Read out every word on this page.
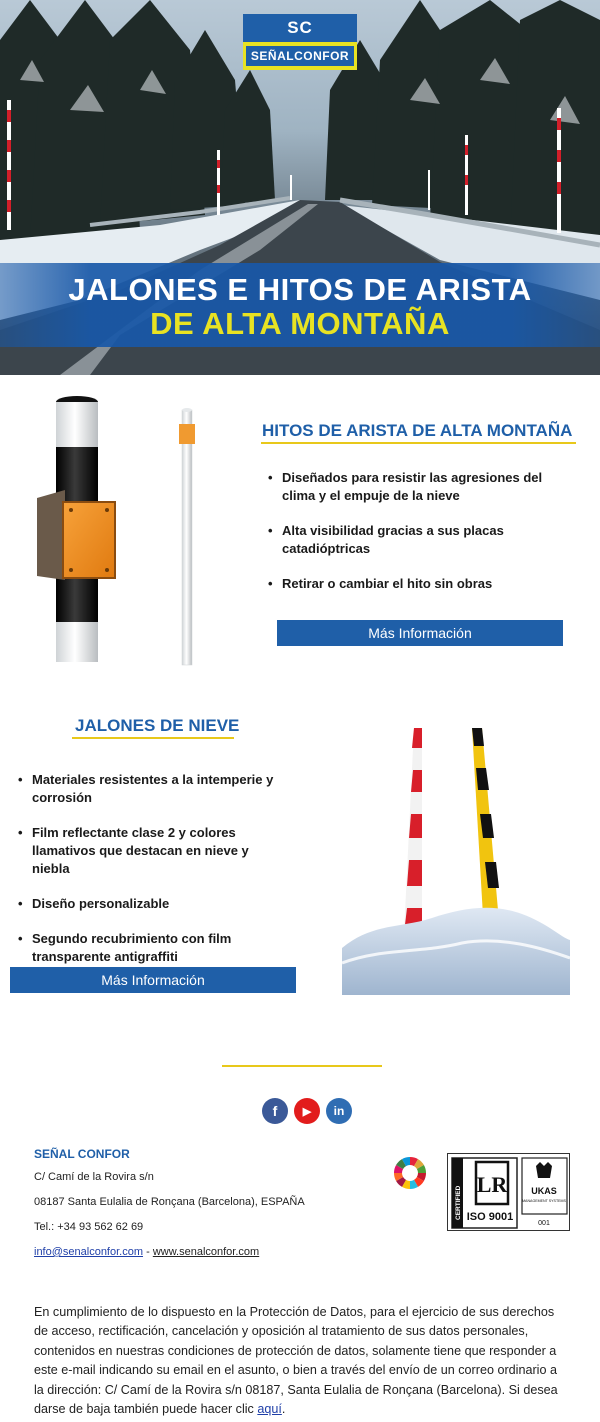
SC
SEÑALCONFOR
JALONES E HITOS DE ARISTA
DE ALTA MONTAÑA
HITOS DE ARISTA DE ALTA MONTAÑA
• Diseñados para resistir las agresiones del clima y el empuje de la nieve
• Alta visibilidad gracias a sus placas catadióptricas
• Retirar o cambiar el hito sin obras
Más Información
JALONES DE NIEVE
• Materiales resistentes a la intemperie y corrosión
• Film reflectante clase 2 y colores llamativos que destacan en nieve y niebla
• Diseño personalizable
• Segundo recubrimiento con film transparente antigraffiti
Más Información
f	▶	in
SEÑAL CONFOR
C/ Camí de la Rovira s/n
08187 Santa Eulalia de Ronçana (Barcelona), ESPAÑA
Tel.: +34 93 562 62 69
info@senalconfor.com - www.senalconfor.com
CERTIFIED
LR
ISO 9001
UKAS
MANAGEMENT SYSTEMS
001
En cumplimiento de lo dispuesto en la Protección de Datos, para el ejercicio de sus derechos de acceso, rectificación, cancelación y oposición al tratamiento de sus datos personales, contenidos en nuestras condiciones de protección de datos, solamente tiene que responder a este e-mail indicando su email en el asunto, o bien a través del envío de un correo ordinario a la dirección: C/ Camí de la Rovira s/n 08187, Santa Eulalia de Ronçana (Barcelona). Si desea darse de baja también puede hacer clic aquí.
